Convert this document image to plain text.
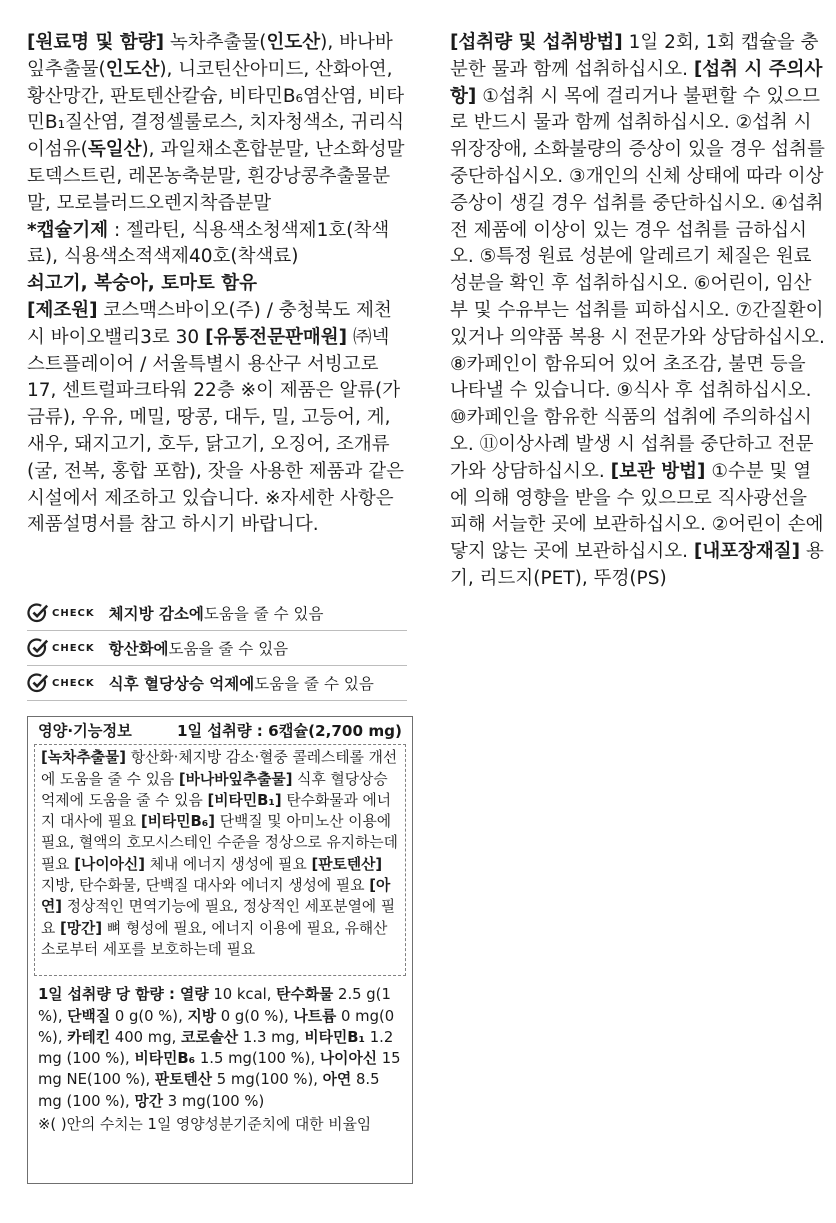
[원료명 및 함량] 녹차추출물(인도산), 바나바잎추출물(인도산), 니코틴산아미드, 산화아연, 황산망간, 판토텐산칼슘, 비타민B₆염산염, 비타민B₁질산염, 결정셀룰로스, 치자청색소, 귀리식이섬유(독일산), 과일채소혼합분말, 난소화성말토덱스트린, 레몬농축분말, 흰강낭콩추출물분말, 모로블러드오렌지착즙분말

*캡슐기제 : 젤라틴, 식용색소청색제1호(착색료), 식용색소적색제40호(착색료)

쇠고기, 복숭아, 토마토 함유

[제조원] 코스맥스바이오(주) / 충청북도 제천시 바이오밸리3로 30 [유통전문판매원] ㈜넥스트플레이어 / 서울특별시 용산구 서빙고로 17, 센트럴파크타워 22층 ※이 제품은 알류(가금류), 우유, 메밀, 땅콩, 대두, 밀, 고등어, 게, 새우, 돼지고기, 호두, 닭고기, 오징어, 조개류(굴, 전복, 홍합 포함), 잣을 사용한 제품과 같은 시설에서 제조하고 있습니다. ※자세한 사항은 제품설명서를 참고 하시기 바랍니다.

CHECK 체지방 감소에 도움을 줄 수 있음
CHECK 항산화에 도움을 줄 수 있음
CHECK 식후 혈당상승 억제에 도움을 줄 수 있음
영양·기능정보	1일 섭취량 : 6캡슐(2,700 mg)
[녹차추출물] 항산화·체지방 감소·혈중 콜레스테롤 개선에 도움을 줄 수 있음 [바나바잎추출물] 식후 혈당상승 억제에 도움을 줄 수 있음 [비타민B₁] 탄수화물과 에너지 대사에 필요 [비타민B₆] 단백질 및 아미노산 이용에 필요, 혈액의 호모시스테인 수준을 정상으로 유지하는데 필요 [나이아신] 체내 에너지 생성에 필요 [판토텐산] 지방, 탄수화물, 단백질 대사와 에너지 생성에 필요 [아연] 정상적인 면역기능에 필요, 정상적인 세포분열에 필요 [망간] 뼈 형성에 필요, 에너지 이용에 필요, 유해산소로부터 세포를 보호하는데 필요
1일 섭취량 당 함량 : 열량 10 kcal, 탄수화물 2.5 g(1 %), 단백질 0 g(0 %), 지방 0 g(0 %), 나트륨 0 mg(0 %), 카테킨 400 mg, 코로솔산 1.3 mg, 비타민B₁ 1.2 mg (100 %), 비타민B₆ 1.5 mg(100 %), 나이아신 15 mg NE(100 %), 판토텐산 5 mg(100 %), 아연 8.5 mg (100 %), 망간 3 mg(100 %)
※( )안의 수치는 1일 영양성분기준치에 대한 비율임

[섭취량 및 섭취방법] 1일 2회, 1회 캡슐을 충분한 물과 함께 섭취하십시오. [섭취 시 주의사항] ①섭취 시 목에 걸리거나 불편할 수 있으므로 반드시 물과 함께 섭취하십시오. ②섭취 시 위장장애, 소화불량의 증상이 있을 경우 섭취를 중단하십시오. ③개인의 신체 상태에 따라 이상 증상이 생길 경우 섭취를 중단하십시오. ④섭취 전 제품에 이상이 있는 경우 섭취를 금하십시오. ⑤특정 원료 성분에 알레르기 체질은 원료 성분을 확인 후 섭취하십시오. ⑥어린이, 임산부 및 수유부는 섭취를 피하십시오. ⑦간질환이 있거나 의약품 복용 시 전문가와 상담하십시오. ⑧카페인이 함유되어 있어 초조감, 불면 등을 나타낼 수 있습니다. ⑨식사 후 섭취하십시오. ⑩카페인을 함유한 식품의 섭취에 주의하십시오. ⑪이상사례 발생 시 섭취를 중단하고 전문가와 상담하십시오. [보관 방법] ①수분 및 열에 의해 영향을 받을 수 있으므로 직사광선을 피해 서늘한 곳에 보관하십시오. ②어린이 손에 닿지 않는 곳에 보관하십시오. [내포장재질] 용기, 리드지(PET), 뚜껑(PS)
